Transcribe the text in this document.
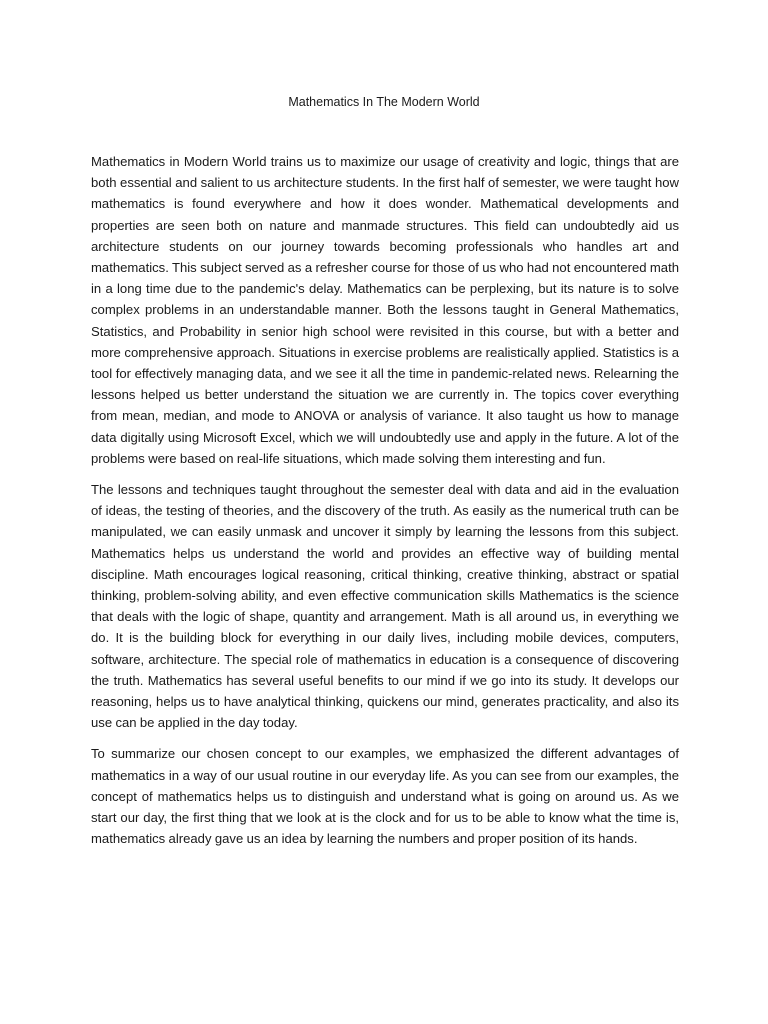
Mathematics In The Modern World

Mathematics in Modern World trains us to maximize our usage of creativity and logic, things that are both essential and salient to us architecture students. In the first half of semester, we were taught how mathematics is found everywhere and how it does wonder. Mathematical developments and properties are seen both on nature and manmade structures. This field can undoubtedly aid us architecture students on our journey towards becoming professionals who handles art and mathematics. This subject served as a refresher course for those of us who had not encountered math in a long time due to the pandemic's delay. Mathematics can be perplexing, but its nature is to solve complex problems in an understandable manner. Both the lessons taught in General Mathematics, Statistics, and Probability in senior high school were revisited in this course, but with a better and more comprehensive approach. Situations in exercise problems are realistically applied. Statistics is a tool for effectively managing data, and we see it all the time in pandemic-related news. Relearning the lessons helped us better understand the situation we are currently in. The topics cover everything from mean, median, and mode to ANOVA or analysis of variance. It also taught us how to manage data digitally using Microsoft Excel, which we will undoubtedly use and apply in the future. A lot of the problems were based on real-life situations, which made solving them interesting and fun.

The lessons and techniques taught throughout the semester deal with data and aid in the evaluation of ideas, the testing of theories, and the discovery of the truth. As easily as the numerical truth can be manipulated, we can easily unmask and uncover it simply by learning the lessons from this subject. Mathematics helps us understand the world and provides an effective way of building mental discipline. Math encourages logical reasoning, critical thinking, creative thinking, abstract or spatial thinking, problem-solving ability, and even effective communication skills Mathematics is the science that deals with the logic of shape, quantity and arrangement. Math is all around us, in everything we do. It is the building block for everything in our daily lives, including mobile devices, computers, software, architecture. The special role of mathematics in education is a consequence of discovering the truth. Mathematics has several useful benefits to our mind if we go into its study. It develops our reasoning, helps us to have analytical thinking, quickens our mind, generates practicality, and also its use can be applied in the day today.

To summarize our chosen concept to our examples, we emphasized the different advantages of mathematics in a way of our usual routine in our everyday life. As you can see from our examples, the concept of mathematics helps us to distinguish and understand what is going on around us. As we start our day, the first thing that we look at is the clock and for us to be able to know what the time is, mathematics already gave us an idea by learning the numbers and proper position of its hands.
